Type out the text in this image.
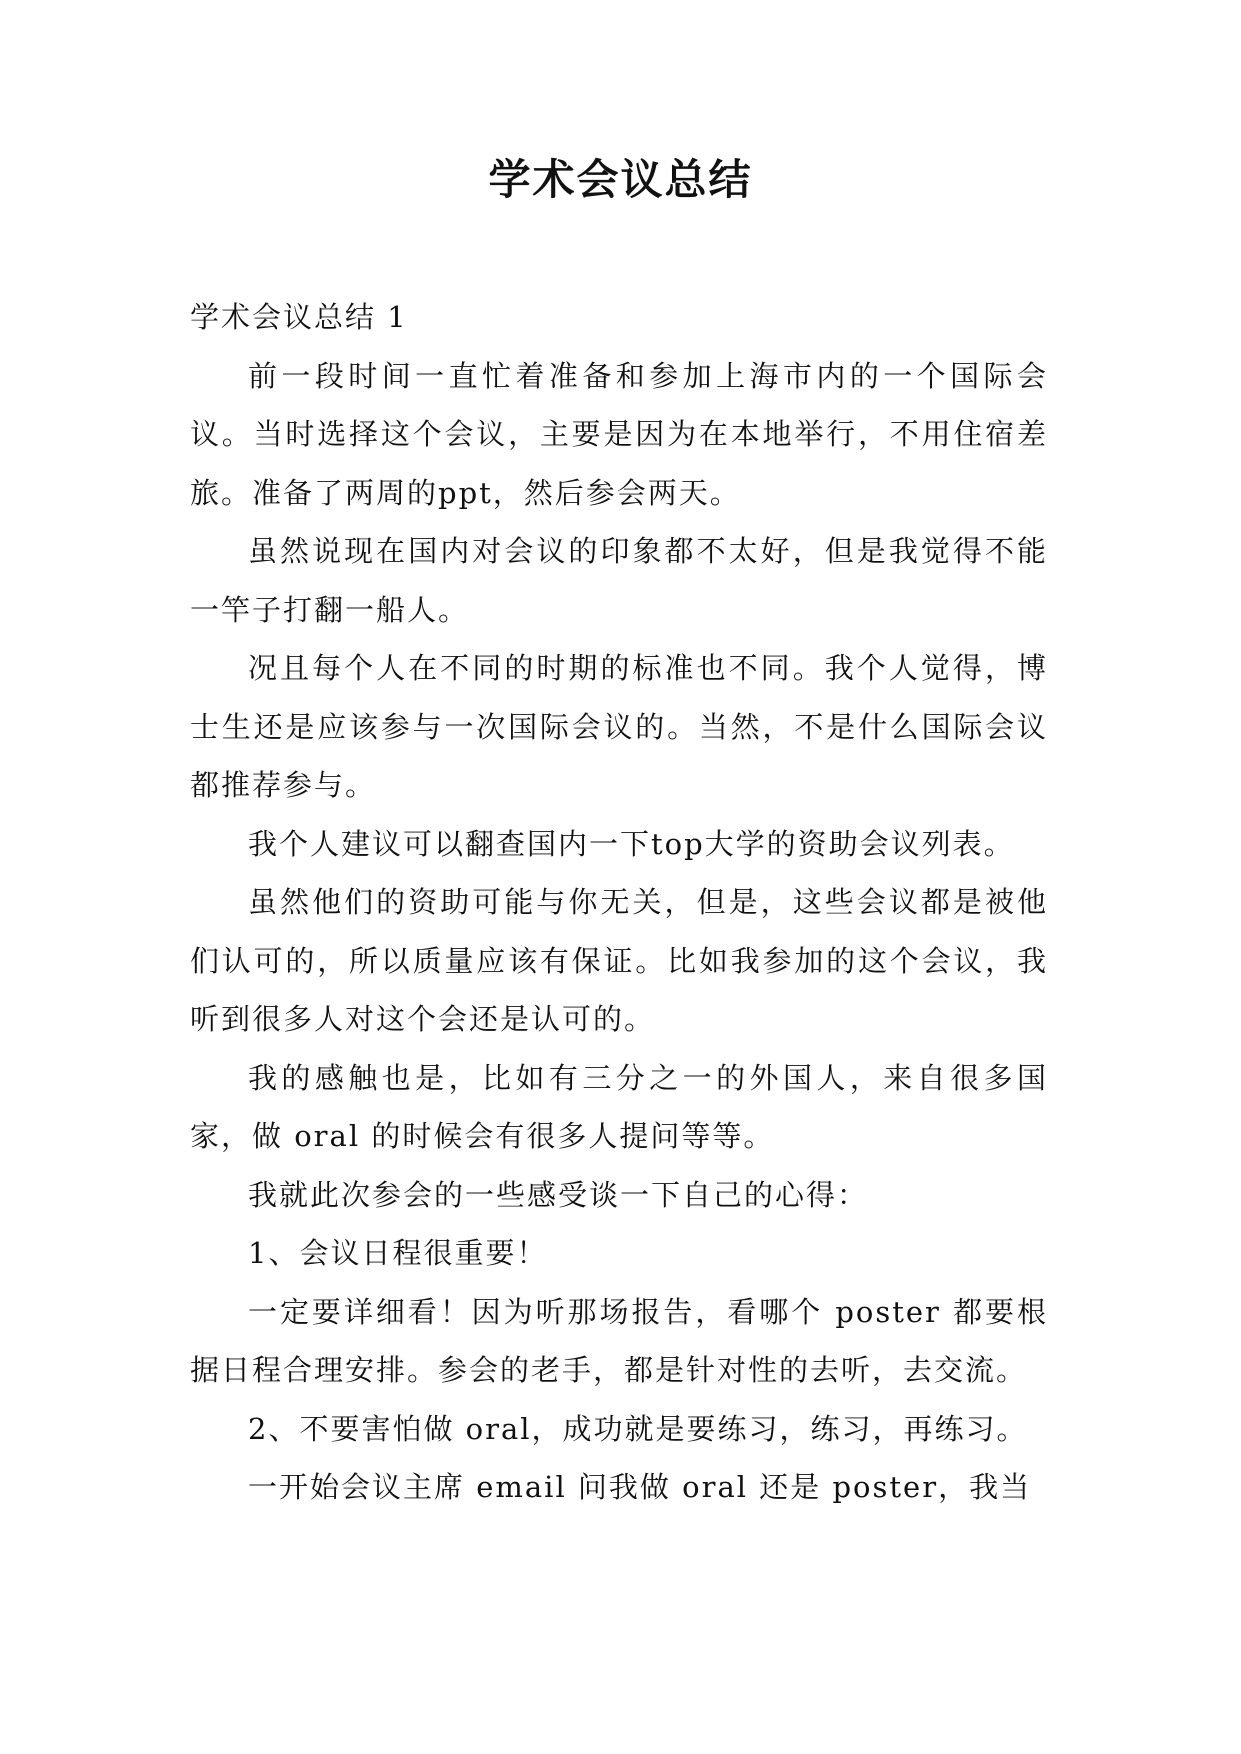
学术会议总结

学术会议总结 1

前一段时间一直忙着准备和参加上海市内的一个国际会议。当时选择这个会议，主要是因为在本地举行，不用住宿差旅。准备了两周的ppt，然后参会两天。

虽然说现在国内对会议的印象都不太好，但是我觉得不能一竿子打翻一船人。

况且每个人在不同的时期的标准也不同。我个人觉得，博士生还是应该参与一次国际会议的。当然，不是什么国际会议都推荐参与。

我个人建议可以翻查国内一下top大学的资助会议列表。

虽然他们的资助可能与你无关，但是，这些会议都是被他们认可的，所以质量应该有保证。比如我参加的这个会议，我听到很多人对这个会还是认可的。

我的感触也是，比如有三分之一的外国人，来自很多国家，做 oral 的时候会有很多人提问等等。

我就此次参会的一些感受谈一下自己的心得：

1、会议日程很重要！

一定要详细看！因为听那场报告，看哪个 poster 都要根据日程合理安排。参会的老手，都是针对性的去听，去交流。

2、不要害怕做 oral，成功就是要练习，练习，再练习。

一开始会议主席 email 问我做 oral 还是 poster，我当
